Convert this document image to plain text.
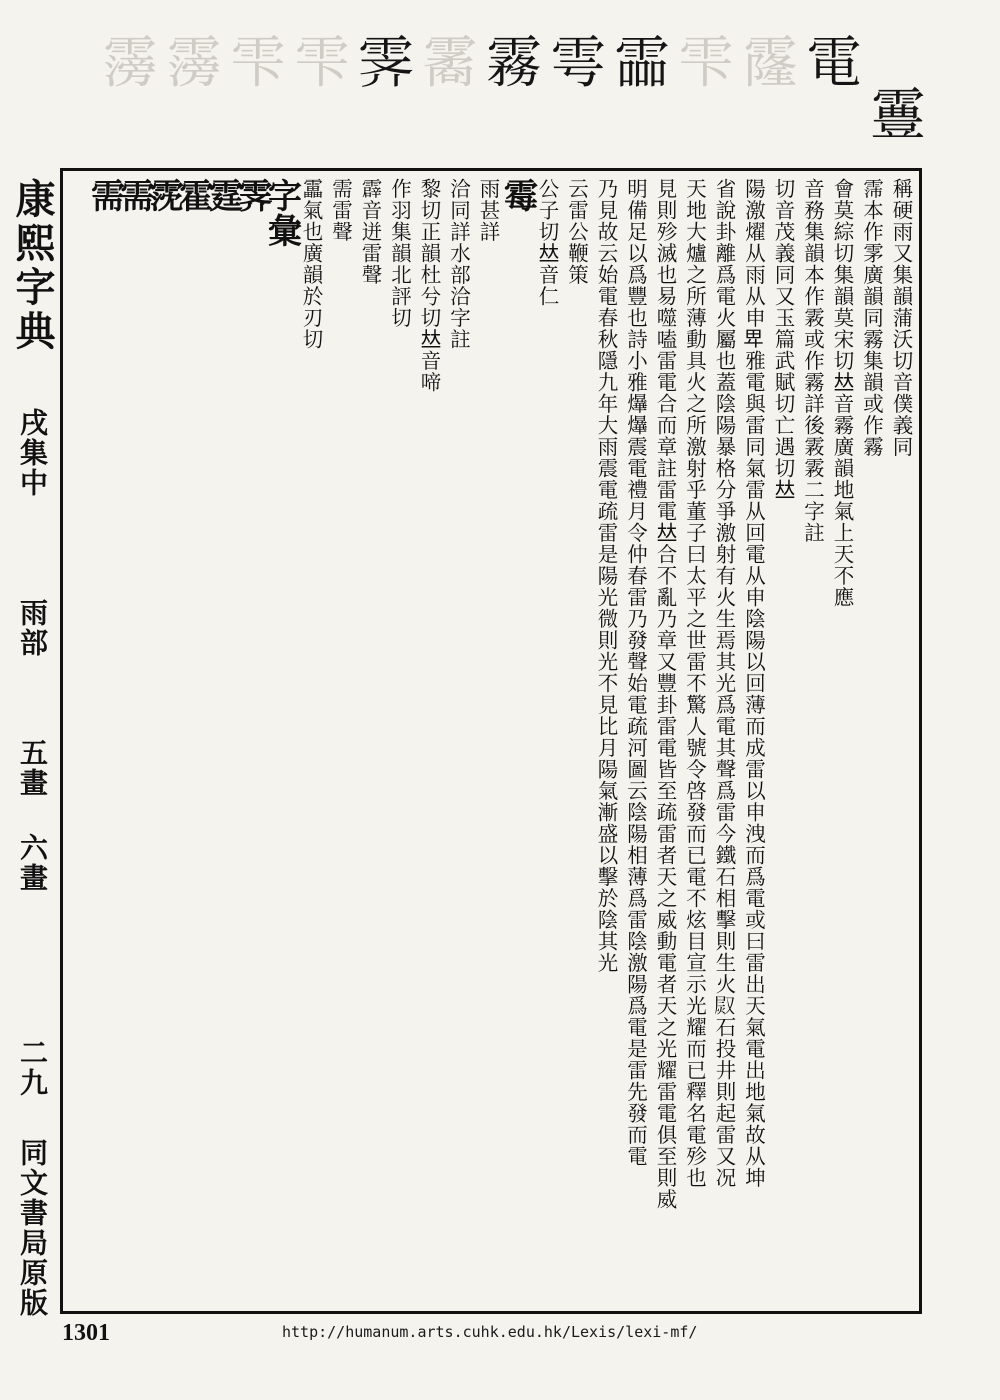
霶 霶 雫 雫 霁 霱 霧 雩 霝 雫 霳 電
霻
康熙字典
戌集中
雨部
五畫 六畫
二九
同文書局原版
稱硬雨又集韻蒲沃切音僕義同
霈本作雺廣韻同霧集韻或作霧
會莫綜切集韻莫宋切𠀤音霧廣韻地氣上天不應
音務集韻本作霚或作霧詳後霚霚二字註
切音茂義同又玉篇武賦切亡遇切𠀤
陽激燿从雨从申𤰞雅電與雷同氣雷从回電从申陰陽以回薄而成雷以申洩而爲電或曰雷出天氣電出地氣故从坤
省說卦離爲電火屬也蓋陰陽暴格分爭激射有火生焉其光爲電其聲爲雷今鐵石相擊則生火𤈫石投井則起雷又况
天地大爐之所薄動具火之所激射乎董子曰太平之世雷不驚人號令啓發而已電不炫目宣示光耀而已釋名電殄也
見則殄滅也易噬嗑雷電合而章註雷電𠀤合不亂乃章又豐卦雷電皆至疏雷者天之威動電者天之光耀雷電俱至則威
明備足以爲豐也詩小雅爗爗震電禮月令仲春雷乃發聲始電疏河圖云陰陽相薄爲雷陰激陽爲電是雷先發而電
乃見故云始電春秋隱九年大雨震電疏雷是陽光微則光不見比月陽氣漸盛以擊於陰其光
云雷公鞭策
公子切𠀤音仁
霉
雨甚詳
洽同詳水部洽字註
黎切正韻杜兮切𠀤音啼
作羽集韻北評切
霹音迸雷聲
需雷聲
靁氣也廣韻於刃切
字彙
霁
霆
霍
霃
需
需
1301	http://humanum.arts.cuhk.edu.hk/Lexis/lexi-mf/
